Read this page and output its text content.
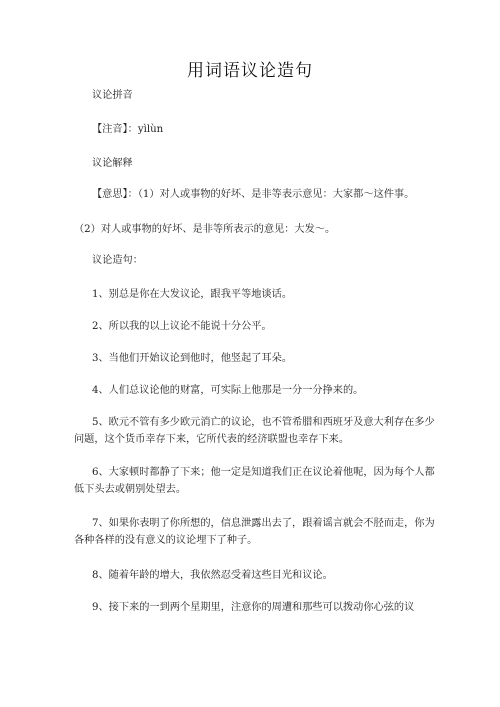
用词语议论造句
议论拼音
【注音】：yìlùn
议论解释

【意思】：（1）对人或事物的好坏、是非等表示意见：大家都～这件事。

（2）对人或事物的好坏、是非等所表示的意见：大发～。

议论造句：

1、别总是你在大发议论，跟我平等地谈话。

2、所以我的以上议论不能说十分公平。

3、当他们开始议论到他时，他竖起了耳朵。

4、人们总议论他的财富，可实际上他那是一分一分挣来的。

5、欧元不管有多少欧元消亡的议论，也不管希腊和西班牙及意大利存在多少问题，这个货币幸存下来，它所代表的经济联盟也幸存下来。

6、大家顿时都静了下来；他一定是知道我们正在议论着他呢，因为每个人都低下头去或朝别处望去。

7、如果你表明了你所想的，信息泄露出去了，跟着谣言就会不胫而走，你为各种各样的没有意义的议论埋下了种子。

8、随着年龄的增大，我依然忍受着这些目光和议论。

9、接下来的一到两个星期里，注意你的周遭和那些可以拨动你心弦的议
